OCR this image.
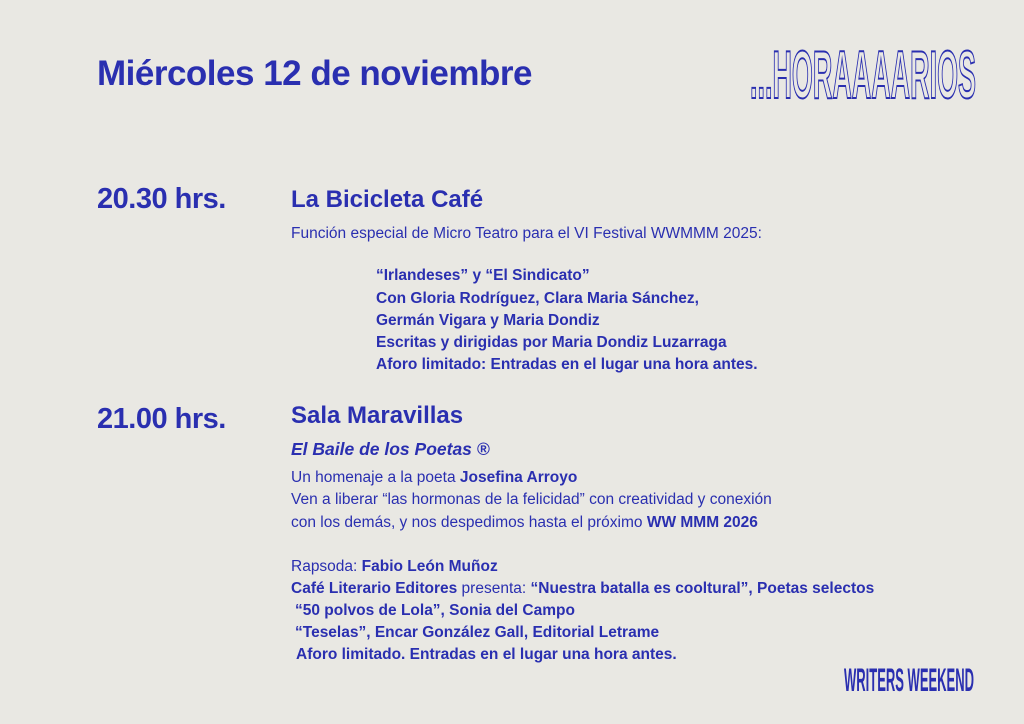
Miércoles 12 de noviembre	...HORAAAARIOS
20.30 hrs.	La Bicicleta Café
Función especial de Micro Teatro para el VI Festival WWMMM 2025:
“Irlandeses” y “El Sindicato”
Con Gloria Rodríguez, Clara Maria Sánchez,
Germán Vigara y Maria Dondiz
Escritas y dirigidas por Maria Dondiz Luzarraga
Aforo limitado: Entradas en el lugar una hora antes.
21.00 hrs.	Sala Maravillas
El Baile de los Poetas ®
Un homenaje a la poeta Josefina Arroyo
Ven a liberar “las hormonas de la felicidad” con creatividad y conexión
con los demás, y nos despedimos hasta el próximo WW MMM 2026
Rapsoda: Fabio León Muñoz
Café Literario Editores presenta: “Nuestra batalla es cooltural”, Poetas selectos
“50 polvos de Lola”, Sonia del Campo
“Teselas”, Encar González Gall, Editorial Letrame
Aforo limitado. Entradas en el lugar una hora antes.
WRITERS WEEKEND
